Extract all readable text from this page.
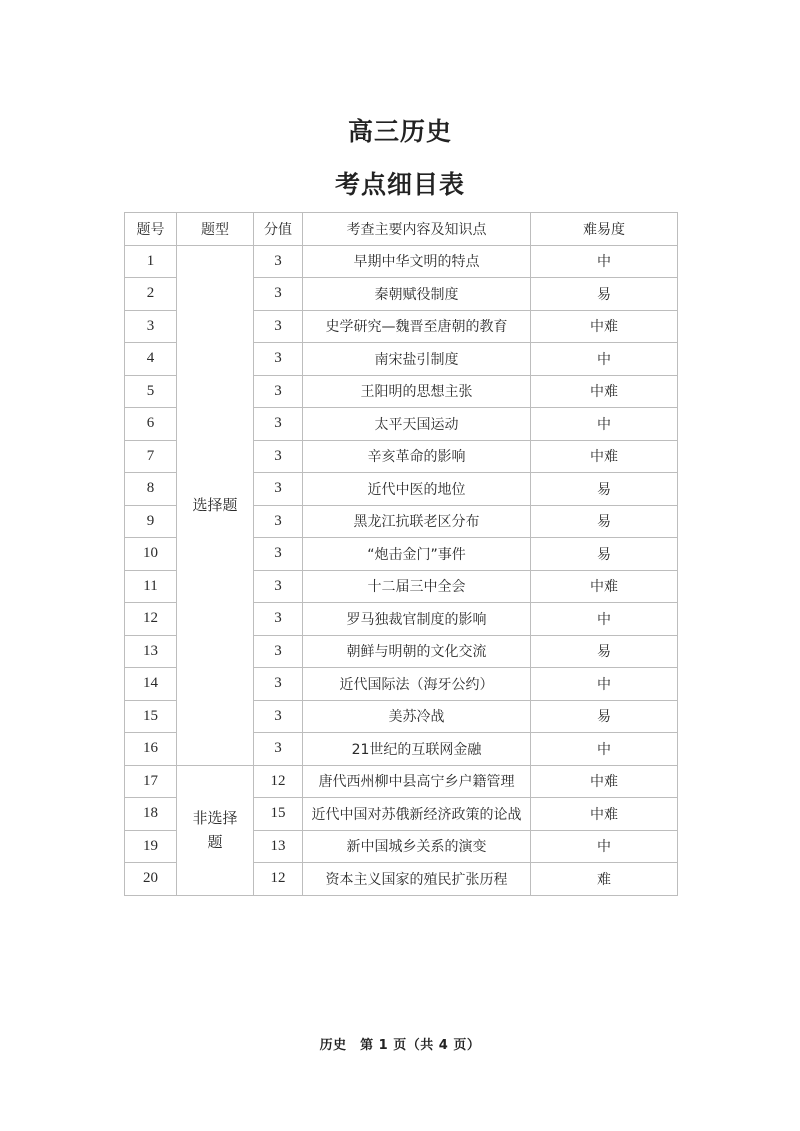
高三历史
考点细目表
题号	题型	分值	考查主要内容及知识点	难易度
1	选择题	3	早期中华文明的特点	中
2		3	秦朝赋役制度	易
3		3	史学研究—魏晋至唐朝的教育	中难
4		3	南宋盐引制度	中
5		3	王阳明的思想主张	中难
6		3	太平天国运动	中
7		3	辛亥革命的影响	中难
8		3	近代中医的地位	易
9		3	黑龙江抗联老区分布	易
10		3	“炮击金门”事件	易
11		3	十二届三中全会	中难
12		3	罗马独裁官制度的影响	中
13		3	朝鲜与明朝的文化交流	易
14		3	近代国际法（海牙公约）	中
15		3	美苏冷战	易
16		3	21世纪的互联网金融	中
17	非选择题	12	唐代西州柳中县高宁乡户籍管理	中难
18		15	近代中国对苏俄新经济政策的论战	中难
19		13	新中国城乡关系的演变	中
20		12	资本主义国家的殖民扩张历程	难
历史　第 1 页（共 4 页）
